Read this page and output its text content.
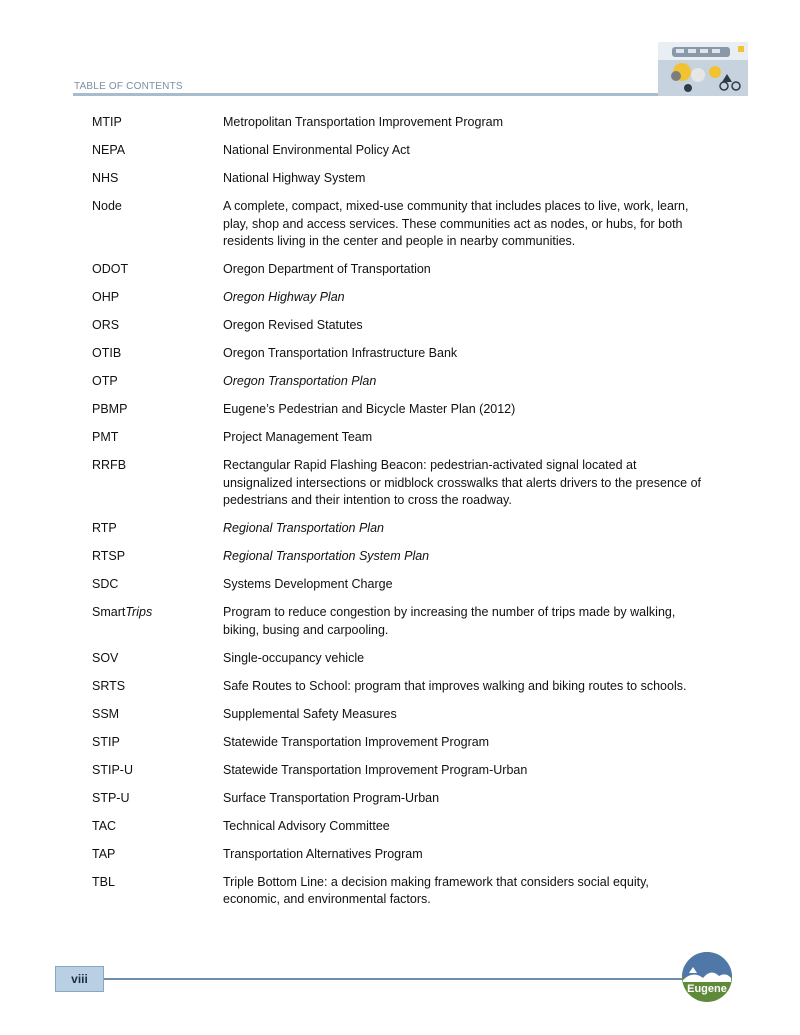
TABLE OF CONTENTS
MTIP	Metropolitan Transportation Improvement Program
NEPA	National Environmental Policy Act
NHS	National Highway System
Node	A complete, compact, mixed-use community that includes places to live, work, learn, play, shop and access services. These communities act as nodes, or hubs, for both residents living in the center and people in nearby communities.
ODOT	Oregon Department of Transportation
OHP	Oregon Highway Plan
ORS	Oregon Revised Statutes
OTIB	Oregon Transportation Infrastructure Bank
OTP	Oregon Transportation Plan
PBMP	Eugene’s Pedestrian and Bicycle Master Plan (2012)
PMT	Project Management Team
RRFB	Rectangular Rapid Flashing Beacon: pedestrian-activated signal located at unsignalized intersections or midblock crosswalks that alerts drivers to the presence of pedestrians and their intention to cross the roadway.
RTP	Regional Transportation Plan
RTSP	Regional Transportation System Plan
SDC	Systems Development Charge
SmartTrips	Program to reduce congestion by increasing the number of trips made by walking, biking, busing and carpooling.
SOV	Single-occupancy vehicle
SRTS	Safe Routes to School: program that improves walking and biking routes to schools.
SSM	Supplemental Safety Measures
STIP	Statewide Transportation Improvement Program
STIP-U	Statewide Transportation Improvement Program-Urban
STP-U	Surface Transportation Program-Urban
TAC	Technical Advisory Committee
TAP	Transportation Alternatives Program
TBL	Triple Bottom Line: a decision making framework that considers social equity, economic, and environmental factors.
viii
Eugene
